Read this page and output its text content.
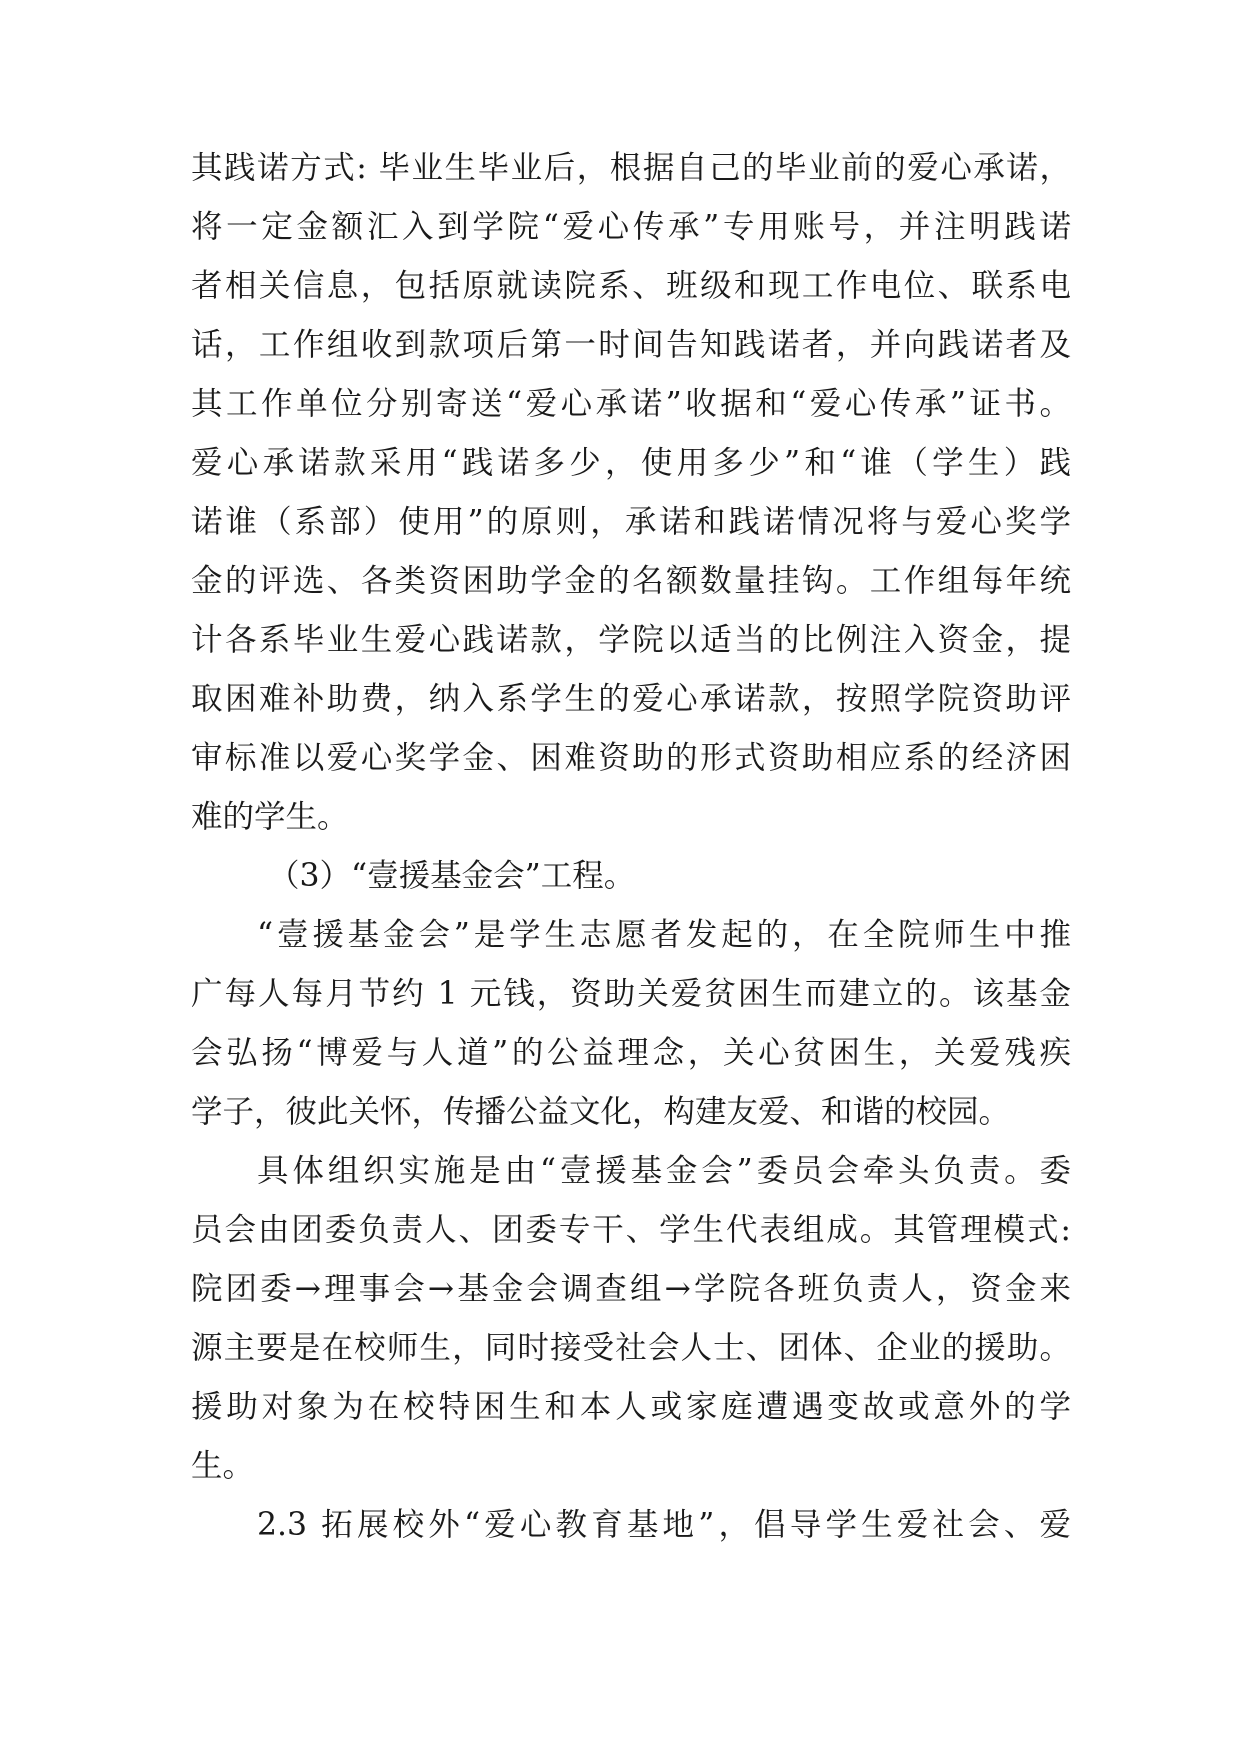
其践诺方式: 毕业生毕业后，根据自己的毕业前的爱心承诺，
将一定金额汇入到学院“爱心传承”专用账号，并注明践诺
者相关信息，包括原就读院系、班级和现工作电位、联系电
话，工作组收到款项后第一时间告知践诺者，并向践诺者及
其工作单位分别寄送“爱心承诺”收据和“爱心传承”证书。
爱心承诺款采用“践诺多少，使用多少”和“谁（学生）践
诺谁（系部）使用”的原则，承诺和践诺情况将与爱心奖学
金的评选、各类资困助学金的名额数量挂钩。工作组每年统
计各系毕业生爱心践诺款，学院以适当的比例注入资金，提
取困难补助费，纳入系学生的爱心承诺款，按照学院资助评
审标准以爱心奖学金、困难资助的形式资助相应系的经济困
难的学生。
（3）“壹援基金会”工程。
“壹援基金会”是学生志愿者发起的，在全院师生中推
广每人每月节约 1 元钱，资助关爱贫困生而建立的。该基金
会弘扬“博爱与人道”的公益理念，关心贫困生，关爱残疾
学子，彼此关怀，传播公益文化，构建友爱、和谐的校园。
具体组织实施是由“壹援基金会”委员会牵头负责。委
员会由团委负责人、团委专干、学生代表组成。其管理模式:
院团委→理事会→基金会调查组→学院各班负责人，资金来
源主要是在校师生，同时接受社会人士、团体、企业的援助。
援助对象为在校特困生和本人或家庭遭遇变故或意外的学
生。
2.3 拓展校外“爱心教育基地”，倡导学生爱社会、爱
